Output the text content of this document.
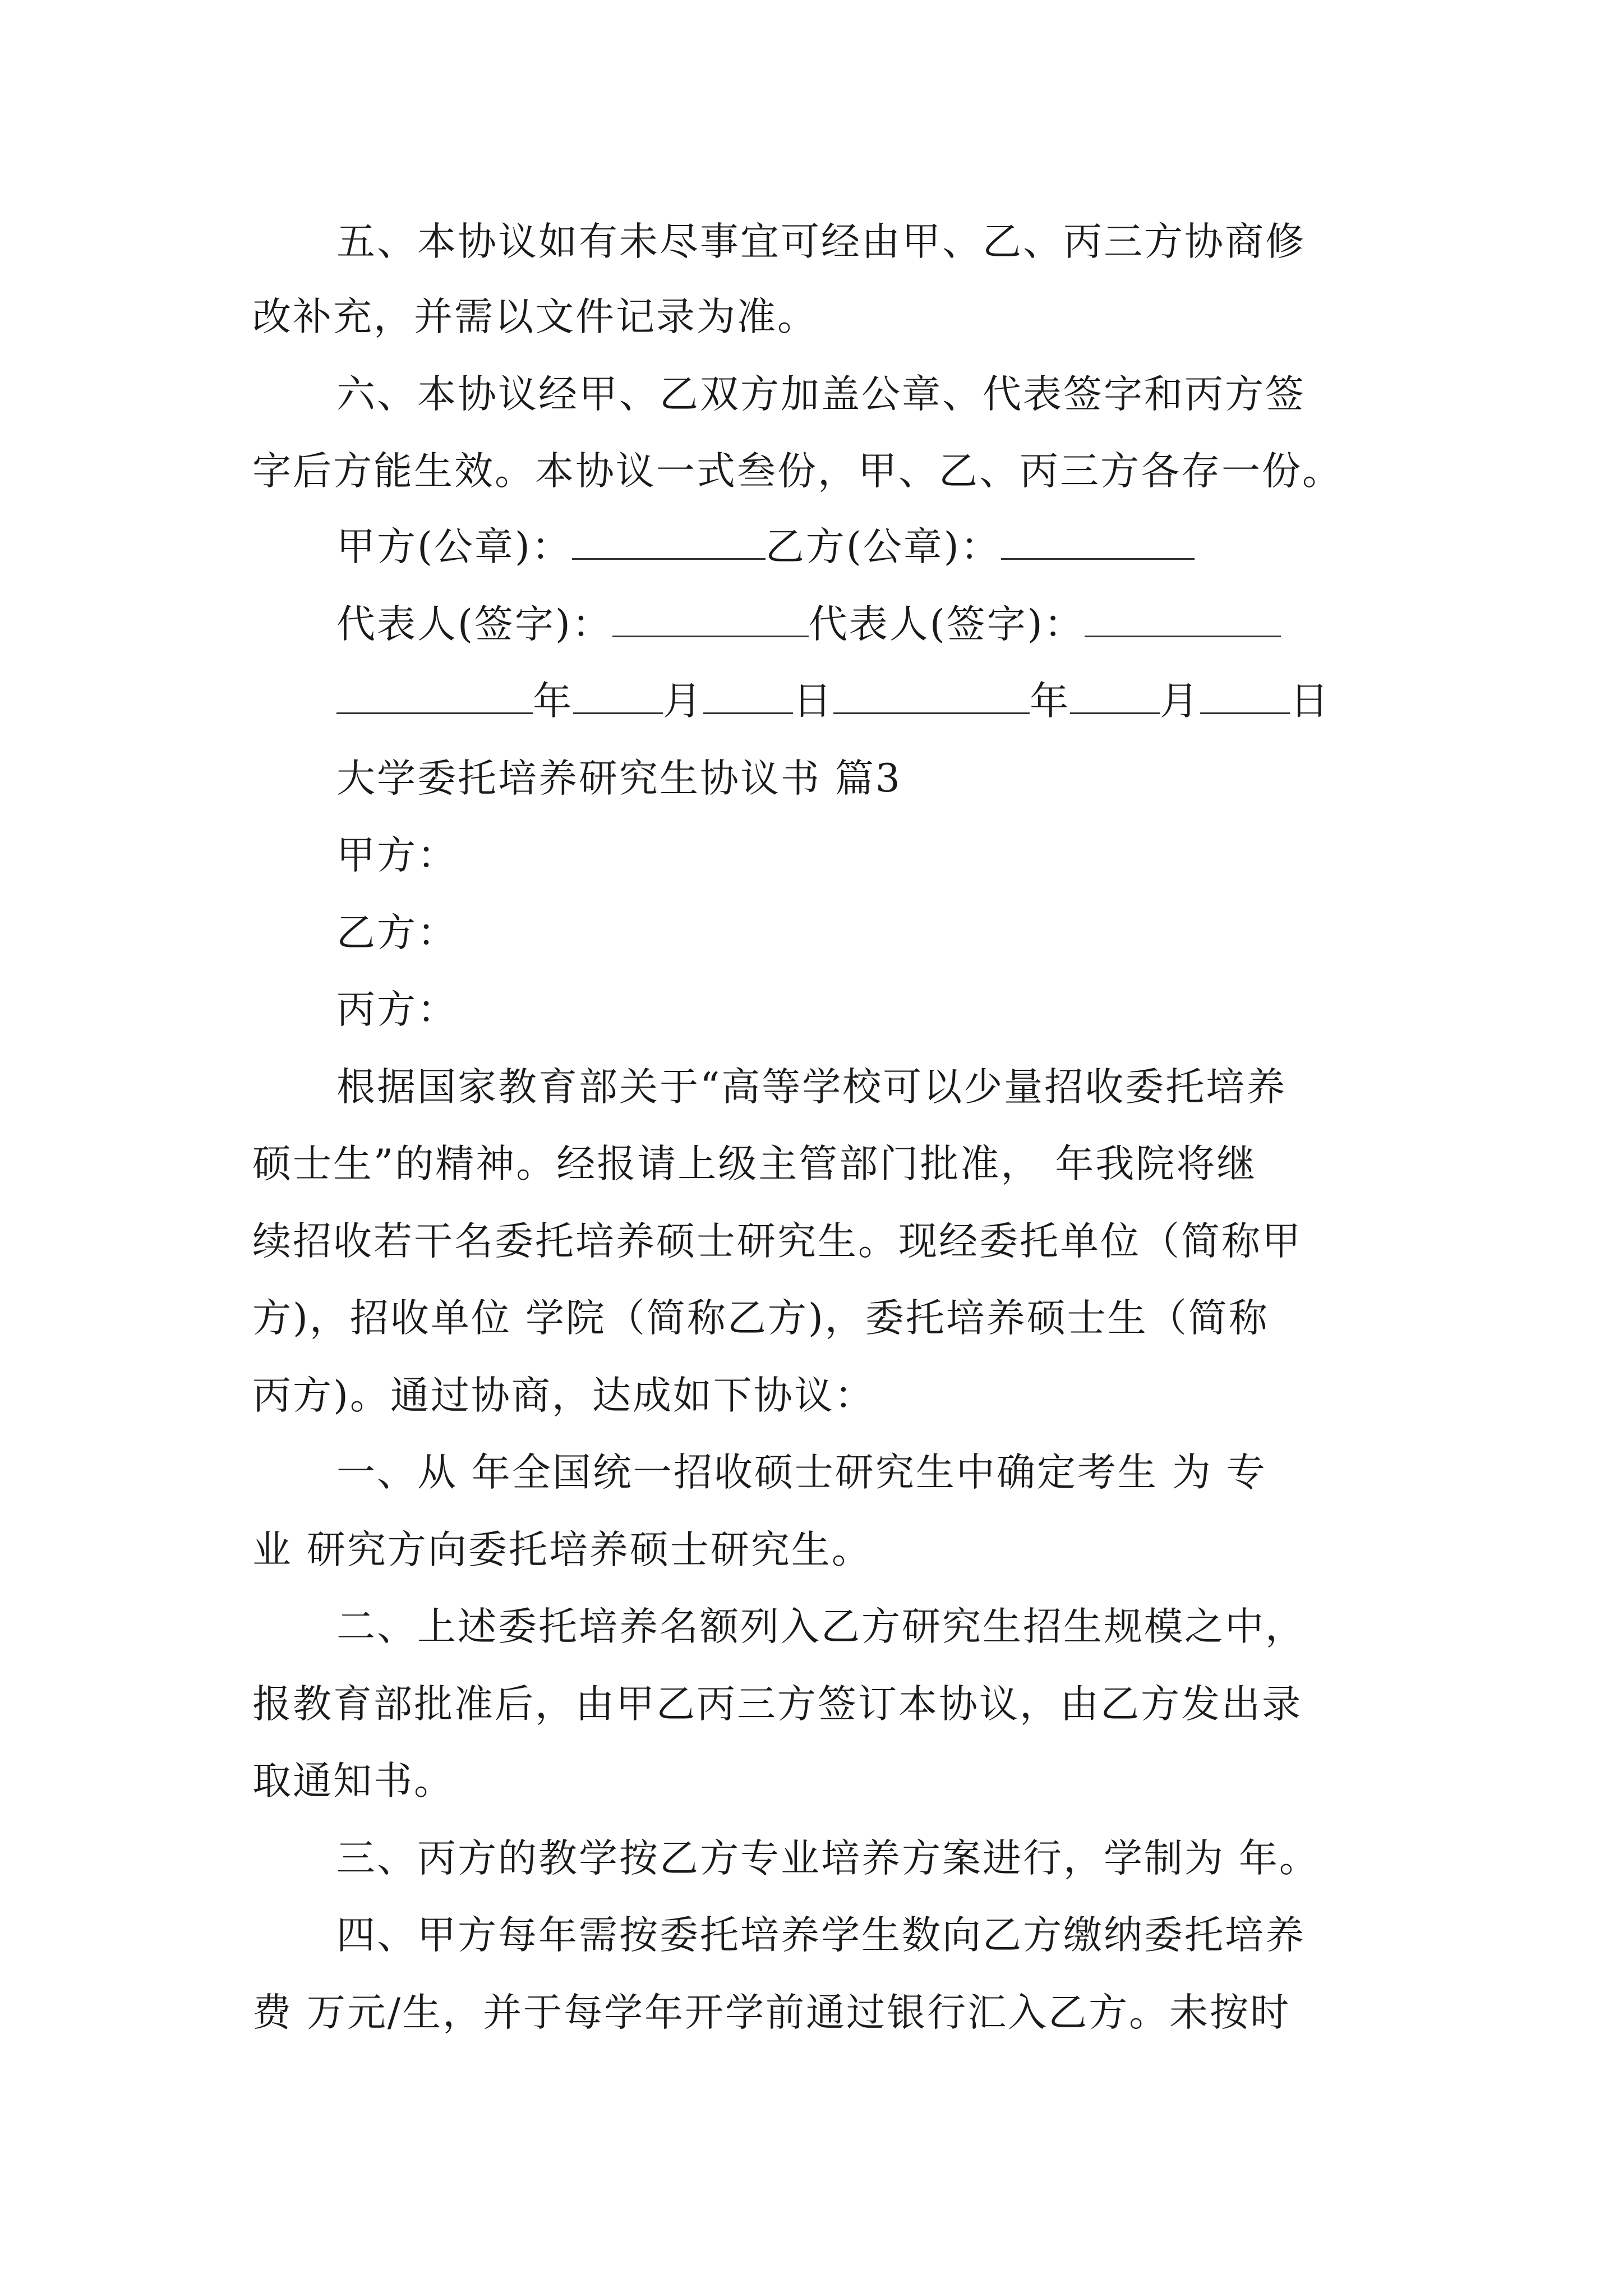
五、本协议如有未尽事宜可经由甲、乙、丙三方协商修

改补充，并需以文件记录为准。

六、本协议经甲、乙双方加盖公章、代表签字和丙方签

字后方能生效。本协议一式叁份，甲、乙、丙三方各存一份。

甲方(公章)：	乙方(公章)：
代表人(签字)：	代表人(签字)：
年 月 日	年 月 日

大学委托培养研究生协议书 篇3

甲方：

乙方：

丙方：

根据国家教育部关于“高等学校可以少量招收委托培养

硕士生”的精神。经报请上级主管部门批准， 年我院将继

续招收若干名委托培养硕士研究生。现经委托单位（简称甲

方)，招收单位 学院（简称乙方)，委托培养硕士生（简称

丙方)。通过协商，达成如下协议：

一、从 年全国统一招收硕士研究生中确定考生 为 专

业 研究方向委托培养硕士研究生。

二、上述委托培养名额列入乙方研究生招生规模之中，

报教育部批准后，由甲乙丙三方签订本协议，由乙方发出录

取通知书。

三、丙方的教学按乙方专业培养方案进行，学制为 年。

四、甲方每年需按委托培养学生数向乙方缴纳委托培养

费 万元/生，并于每学年开学前通过银行汇入乙方。未按时
